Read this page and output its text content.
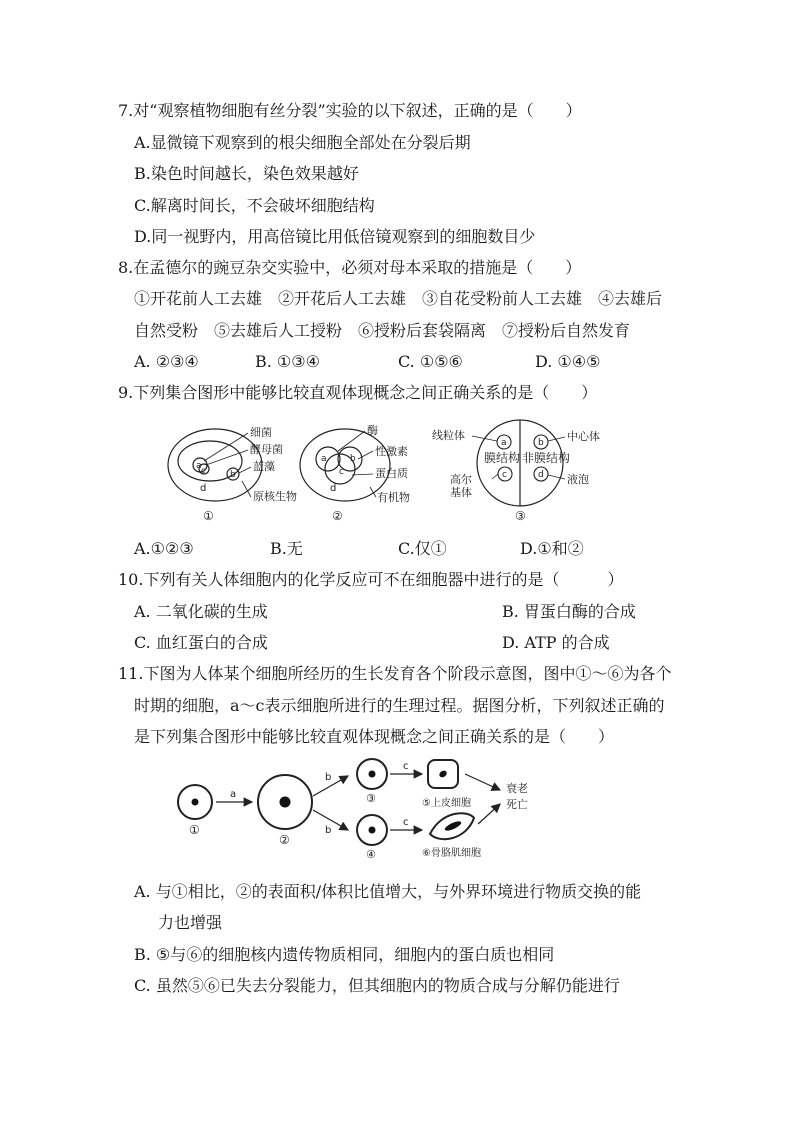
7.对“观察植物细胞有丝分裂”实验的以下叙述，正确的是（　　）
A.显微镜下观察到的根尖细胞全部处在分裂后期
B.染色时间越长，染色效果越好
C.解离时间长，不会破坏细胞结构
D.同一视野内，用高倍镜比用低倍镜观察到的细胞数目少
8.在孟德尔的豌豆杂交实验中，必须对母本采取的措施是（　　）
①开花前人工去雄　②开花后人工去雄　③自花受粉前人工去雄　④去雄后
自然受粉　⑤去雄后人工授粉　⑥授粉后套袋隔离　⑦授粉后自然发育
A. ②③④	B. ①③④	C. ①⑤⑥	D. ①④⑤
9.下列集合图形中能够比较直观体现概念之间正确关系的是（　　）
细菌
酵母菌
蓝藻
原核生物
a c	b
d
①
酶
性激素
蛋白质
有机物
a	b
c
d
②
线粒体
膜结构 非膜结构
中心体
高尔
基体
液泡
a	b
c	d
③
A.①②③	B.无	C.仅①	D.①和②
10.下列有关人体细胞内的化学反应可不在细胞器中进行的是（　　　）
A. 二氧化碳的生成	B. 胃蛋白酶的合成
C. 血红蛋白的合成	D. ATP 的合成
11.下图为人体某个细胞所经历的生长发育各个阶段示意图，图中①～⑥为各个
时期的细胞，a～c表示细胞所进行的生理过程。据图分析，下列叙述正确的
是下列集合图形中能够比较直观体现概念之间正确关系的是（　　）
①
a
②
b
b
③
④
c
c
⑤上皮细胞
⑥骨胳肌细胞
衰老
死亡
A. 与①相比，②的表面积/体积比值增大，与外界环境进行物质交换的能
力也增强
B. ⑤与⑥的细胞核内遗传物质相同，细胞内的蛋白质也相同
C. 虽然⑤⑥已失去分裂能力，但其细胞内的物质合成与分解仍能进行
